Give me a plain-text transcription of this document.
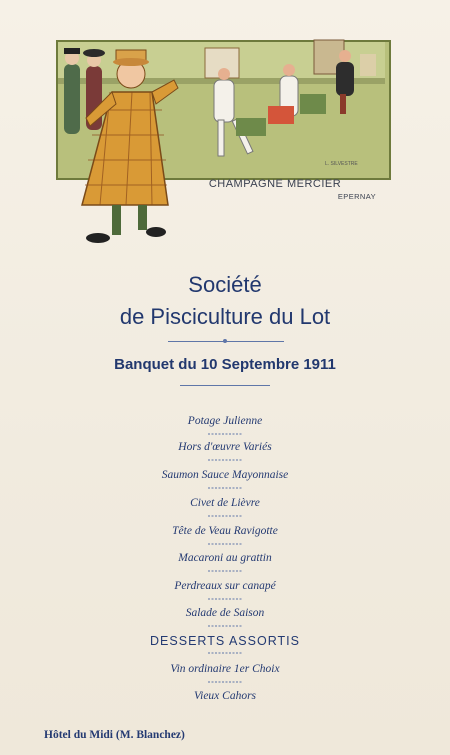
L. SILVESTRE
CHAMPAGNE MERCIER
EPERNAY
Société
de Pisciculture du Lot
Banquet du 10 Septembre 1911
Potage Julienne
Hors d'œuvre Variés
Saumon Sauce Mayonnaise
Civet de Lièvre
Tête de Veau Ravigotte
Macaroni au grattin
Perdreaux sur canapé
Salade de Saison
DESSERTS ASSORTIS
Vin ordinaire 1er Choix
Vieux Cahors
Hôtel du Midi (M. Blanchez)
